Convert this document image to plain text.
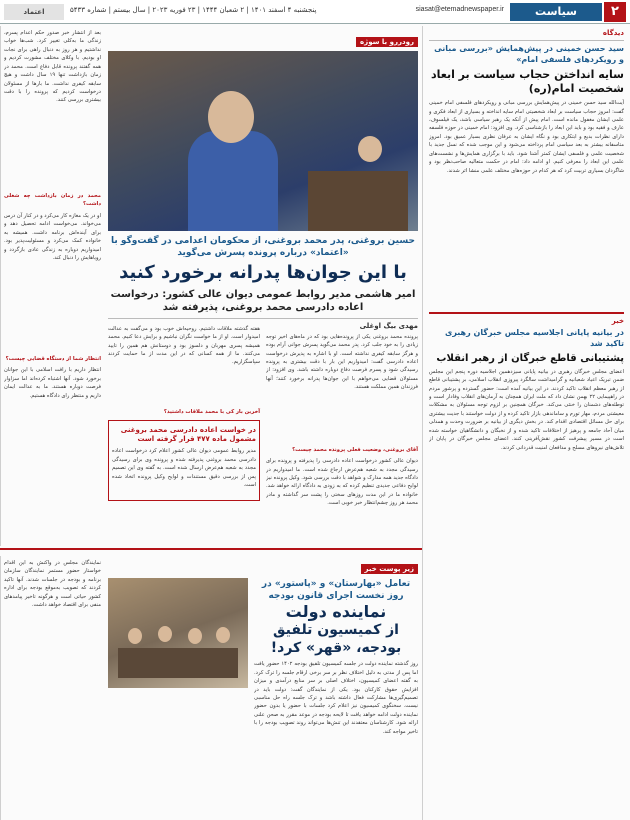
۲
سیاست
siasat@etemadnewspaper.ir
پنجشنبه ۴ اسفند ۱۴۰۱ | ۲ شعبان ۱۴۴۴ | ۲۳ فوریه ۲۰۲۳ | سال بیستم | شماره ۵۴۳۳
اعتماد
دیدگاه
سید حسن خمینی در پیش‌همایش «بررسی مبانی و رویکردهای فلسفی امام»
سایه انداختن حجاب سیاست بر ابعاد شخصیت امام(ره)
آیت‌الله سید حسن خمینی در پیش‌همایش بررسی مبانی و رویکردهای فلسفی امام خمینی گفت: امروز حجاب سیاست بر ابعاد شخصیتی امام سایه انداخته و بسیاری از ابعاد فکری و علمی ایشان مغفول مانده است. امام پیش از آنکه یک رهبر سیاسی باشد، یک فیلسوف، عارف و فقیه بود و باید این ابعاد را بازشناسی کرد. وی افزود: امام خمینی در حوزه فلسفه دارای نظرات بدیع و ابتکاری بود و نگاه ایشان به عرفان نظری بسیار عمیق بود. امروز متاسفانه بیشتر به بعد سیاسی امام پرداخته می‌شود و این موجب شده که نسل جدید با شخصیت علمی و فلسفی ایشان کمتر آشنا شود. باید با برگزاری همایش‌ها و نشست‌های علمی این ابعاد را معرفی کنیم. او ادامه داد: امام در حکمت متعالیه صاحب‌نظر بود و شاگردان بسیاری تربیت کرد که هر کدام در حوزه‌های مختلف علمی منشا اثر شدند.
خبر
در بیانیه پایانی اجلاسیه مجلس خبرگان رهبری تاکید شد
پشتیبانی قاطع خبرگان از رهبر انقلاب
اعضای مجلس خبرگان رهبری در بیانیه پایانی سیزدهمین اجلاسیه دوره پنجم این مجلس ضمن تبریک اعیاد شعبانیه و گرامیداشت سالگرد پیروزی انقلاب اسلامی، بر پشتیبانی قاطع از رهبر معظم انقلاب تاکید کردند. در این بیانیه آمده است: حضور گسترده و پرشور مردم در راهپیمایی ۲۲ بهمن نشان داد که ملت ایران همچنان به آرمان‌های انقلاب وفادار است و توطئه‌های دشمنان را خنثی می‌کند. خبرگان همچنین بر لزوم توجه مسئولان به مشکلات معیشتی مردم، مهار تورم و ساماندهی بازار تاکید کرده و از دولت خواستند با جدیت بیشتری برای حل مسائل اقتصادی اقدام کند. در بخش دیگری از بیانیه بر ضرورت وحدت و همدلی میان آحاد جامعه و پرهیز از اختلافات تاکید شده و از نخبگان و دانشگاهیان خواسته شده است در مسیر پیشرفت کشور نقش‌آفرینی کنند. اعضای مجلس خبرگان در پایان از تلاش‌های نیروهای مسلح و مدافعان امنیت قدردانی کردند.
رودررو با سوژه
حسین بروغنی، پدر محمد بروغنی، از محکومان اعدامی در گفت‌وگو با «اعتماد» درباره پرونده پسرش می‌گوید
با این جوان‌ها پدرانه برخورد کنید
امیر هاشمی مدیر روابط عمومی دیوان عالی کشور: درخواست اعاده دادرسی محمد بروغنی، پذیرفته شد
مهدی بیگ اوغلی
پرونده محمد بروغنی یکی از پرونده‌هایی بود که در ماه‌های اخیر توجه زیادی را به خود جلب کرد. پدر محمد می‌گوید پسرش جوانی آرام بوده و هرگز سابقه کیفری نداشته است. او با اشاره به پذیرش درخواست اعاده دادرسی گفت: امیدواریم این بار با دقت بیشتری به پرونده رسیدگی شود و پسرم فرصت دفاع دوباره داشته باشد. وی افزود: از مسئولان قضایی می‌خواهم با این جوان‌ها پدرانه برخورد کنند؛ آنها فرزندان همین مملکت هستند.
آقای بروغنی، وضعیت فعلی پرونده محمد چیست؟
دیوان عالی کشور درخواست اعاده دادرسی را پذیرفته و پرونده برای رسیدگی مجدد به شعبه هم‌عرض ارجاع شده است. ما امیدواریم در دادگاه جدید همه مدارک و شواهد با دقت بررسی شود. وکیل پرونده نیز لوایح دفاعی جدیدی تنظیم کرده که به زودی به دادگاه ارائه خواهد شد. خانواده ما در این مدت روزهای سختی را پشت سر گذاشته و مادر محمد هر روز چشم‌انتظار خبر خوبی است.
هفته گذشته ملاقات داشتیم. روحیه‌اش خوب بود و می‌گفت به عدالت امیدوار است. او از ما خواست نگران نباشیم و برایش دعا کنیم. محمد همیشه پسری مهربان و دلسوز بود و دوستانش هم همین را تایید می‌کنند. ما از همه کسانی که در این مدت از ما حمایت کردند سپاسگزاریم.
آخرین بار کی با محمد ملاقات داشتید؟
در خواست اعاده دادرسی محمد بروغنی مشمول ماده ۴۷۷ قرار گرفته است
مدیر روابط عمومی دیوان عالی کشور اعلام کرد درخواست اعاده دادرسی محمد بروغنی پذیرفته شده و پرونده وی برای رسیدگی مجدد به شعبه هم‌عرض ارسال شده است. به گفته وی این تصمیم پس از بررسی دقیق مستندات و لوایح وکیل پرونده اتخاذ شده است.
بعد از انتشار خبر صدور حکم اعدام پسرم، زندگی ما به‌کلی تغییر کرد. شب‌ها خواب نداشتیم و هر روز به دنبال راهی برای نجات او بودیم. با وکلای مختلف مشورت کردیم و همه گفتند پرونده قابل دفاع است. محمد در زمان بازداشت تنها ۱۹ سال داشت و هیچ سابقه کیفری نداشت. ما بارها از مسئولان درخواست کردیم که پرونده را با دقت بیشتری بررسی کنند.
محمد در زمان بازداشت چه شغلی داشت؟
او در یک مغازه کار می‌کرد و در کنار آن درس می‌خواند. می‌خواست ادامه تحصیل دهد و برای آینده‌اش برنامه داشت. همیشه به خانواده کمک می‌کرد و مسئولیت‌پذیر بود. امیدواریم دوباره به زندگی عادی بازگردد و رویاهایش را دنبال کند.
انتظار شما از دستگاه قضایی چیست؟
انتظار داریم با رافت اسلامی با این جوانان برخورد شود. آنها اشتباه کرده‌اند اما سزاوار فرصت دوباره هستند. ما به عدالت ایمان داریم و منتظر رای دادگاه هستیم.
زیر پوست خبر
تعامل «بهارستان» و «پاستور» در روز نخست اجرای قانون بودجه
نماینده دولت
از کمیسیون تلفیق بودجه، «قهر» کرد!
روز گذشته نماینده دولت در جلسه کمیسیون تلفیق بودجه ۱۴۰۲ حضور یافت اما پس از مدتی به دلیل اختلاف نظر بر سر برخی ارقام جلسه را ترک کرد. به گفته اعضای کمیسیون، اختلاف اصلی بر سر منابع درآمدی و میزان افزایش حقوق کارکنان بود. یکی از نمایندگان گفت: دولت باید در تصمیم‌گیری‌ها مشارکت فعال داشته باشد و ترک جلسه راه حل مناسبی نیست. سخنگوی کمیسیون نیز اعلام کرد جلسات با حضور یا بدون حضور نماینده دولت ادامه خواهد یافت تا لایحه بودجه در موعد مقرر به صحن علنی ارائه شود. کارشناسان معتقدند این تنش‌ها می‌تواند روند تصویب بودجه را با تاخیر مواجه کند.
نمایندگان مجلس در واکنش به این اقدام خواستار حضور مستمر نمایندگان سازمان برنامه و بودجه در جلسات شدند. آنها تاکید کردند که تصویب به‌موقع بودجه برای اداره کشور حیاتی است و هرگونه تاخیر پیامدهای منفی برای اقتصاد خواهد داشت.
